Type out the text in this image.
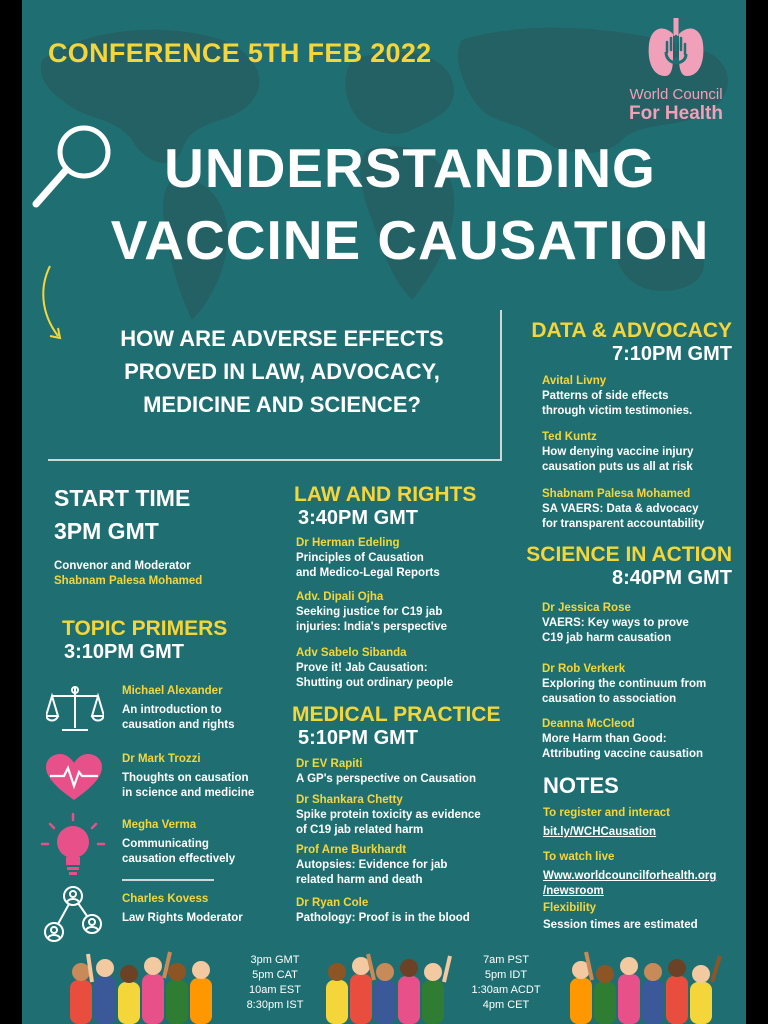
CONFERENCE 5TH FEB 2022
World Council
For Health
UNDERSTANDING
VACCINE CAUSATION
HOW ARE ADVERSE EFFECTS
PROVED IN LAW, ADVOCACY,
MEDICINE AND SCIENCE?
START TIME
3PM GMT
Convenor and Moderator
Shabnam Palesa Mohamed
TOPIC PRIMERS
3:10PM GMT
Michael Alexander
An introduction to
causation and rights
Dr Mark Trozzi
Thoughts on causation
in science and medicine
Megha Verma
Communicating
causation effectively
Charles Kovess
Law Rights Moderator
LAW AND RIGHTS
3:40PM GMT
Dr Herman Edeling
Principles of Causation
and Medico-Legal Reports
Adv. Dipali Ojha
Seeking justice for C19 jab
injuries: India's perspective
Adv Sabelo Sibanda
Prove it! Jab Causation:
Shutting out ordinary people
MEDICAL PRACTICE
5:10PM GMT
Dr EV Rapiti
A GP's perspective on Causation
Dr Shankara Chetty
Spike protein toxicity as evidence
of C19 jab related harm
Prof Arne Burkhardt
Autopsies: Evidence for jab
related harm and death
Dr Ryan Cole
Pathology: Proof is in the blood
DATA & ADVOCACY
7:10PM GMT
Avital Livny
Patterns of side effects
through victim testimonies.
Ted Kuntz
How denying vaccine injury
causation puts us all at risk
Shabnam Palesa Mohamed
SA VAERS: Data & advocacy
for transparent accountability
SCIENCE IN ACTION
8:40PM GMT
Dr Jessica Rose
VAERS: Key ways to prove
C19 jab harm causation
Dr Rob Verkerk
Exploring the continuum from
causation to association
Deanna McCleod
More Harm than Good:
Attributing vaccine causation
NOTES
To register and interact
bit.ly/WCHCausation
To watch live
Www.worldcouncilforhealth.org
/newsroom
Flexibility
Session times are estimated
3pm GMT
5pm CAT
10am EST
8:30pm IST
7am PST
5pm IDT
1:30am ACDT
4pm CET
